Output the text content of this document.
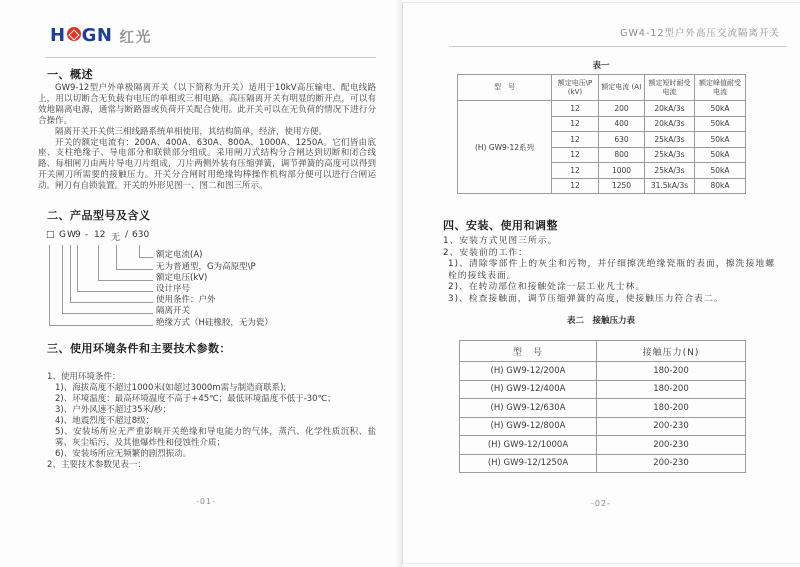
H GN 红光
一、概述

GW9-12型户外单极隔离开关（以下简称为开关）适用于10kV高压输电、配电线路上，用以切断合无负载有电压的单相或三相电路。高压隔离开关有明显的断开点，可以有效地隔离电源，通常与断路器或负荷开关配合使用。此开关可以在无负荷的情况下进行分合操作。

隔离开关开关供三相线路系统单相使用，其结构简单，经济，使用方便。

开关的额定电流有：200A、400A、630A、800A、1000A、1250A。它们皆由底座、支柱绝缘子、导电部分和联锁部分组成。采用闸刀式结构分合闸达到切断和闭合线路、每相闸刀由两片导电刀片组成，刀片两侧外装有压缩弹簧，调节弹簧的高度可以得到开关闸刀所需要的接触压力。开关分合闸时用绝缘钩棒操作机构部分便可以进行合闸运动。闸刀有自锁装置。开关的外形见图一、图二和图三所示。

二、产品型号及含义
□ G W 9 - 12 无 / 630
额定电流(A)
无为普通型，G为高原型\P
额定电压(kV)
设计序号
使用条件：户外
隔离开关
绝缘方式（H硅橡胶，无为瓷）
三、使用环境条件和主要技术参数：
1、使用环境条件：
1)、海拔高度不超过1000米(如超过3000m需与制造商联系);
2)、环境温度：最高环境温度不高于+45℃；最低环境温度不低于-30℃；
3)、户外风速不超过35米/秒；
4)、地震烈度不超过8级；
5)、安装场所应无严重影响开关绝缘和导电能力的气体，蒸汽、化学性质沉积、盐雾、灰尘垢污、及其他爆炸性和侵蚀性介质；
6)、安装场所应无频繁的剧烈振动。
2、主要技术参数见表一：
-01-
GW4-12型户外高压交流隔离开关
表一
型　号	额定电压\P (kV)	额定电流 (A)	额定短时耐受电流	额定峰值耐受电流
(H) GW9-12系列	12	200	20kA/3s	50kA
	12	400	20kA/3s	50kA
	12	630	25kA/3s	50kA
	12	800	25kA/3s	50kA
	12	1000	25kA/3s	50kA
	12	1250	31.5kA/3s	80kA
四、安装、使用和调整
1、安装方式见图三所示。
2、安装前的工作：
1)、清除零部件上的灰尘和污物，并仔细擦洗绝缘瓷瓶的表面，擦洗接地螺栓的接线表面。
2)、在转动部位和接触处涂一层工业凡士林。
3)、检查接触面，调节压缩弹簧的高度，使接触压力符合表二。
表二　接触压力表
型　号	接触压力(N)
(H) GW9-12/200A	180-200
(H) GW9-12/400A	180-200
(H) GW9-12/630A	180-200
(H) GW9-12/800A	200-230
(H) GW9-12/1000A	200-230
(H) GW9-12/1250A	200-230
-02-
